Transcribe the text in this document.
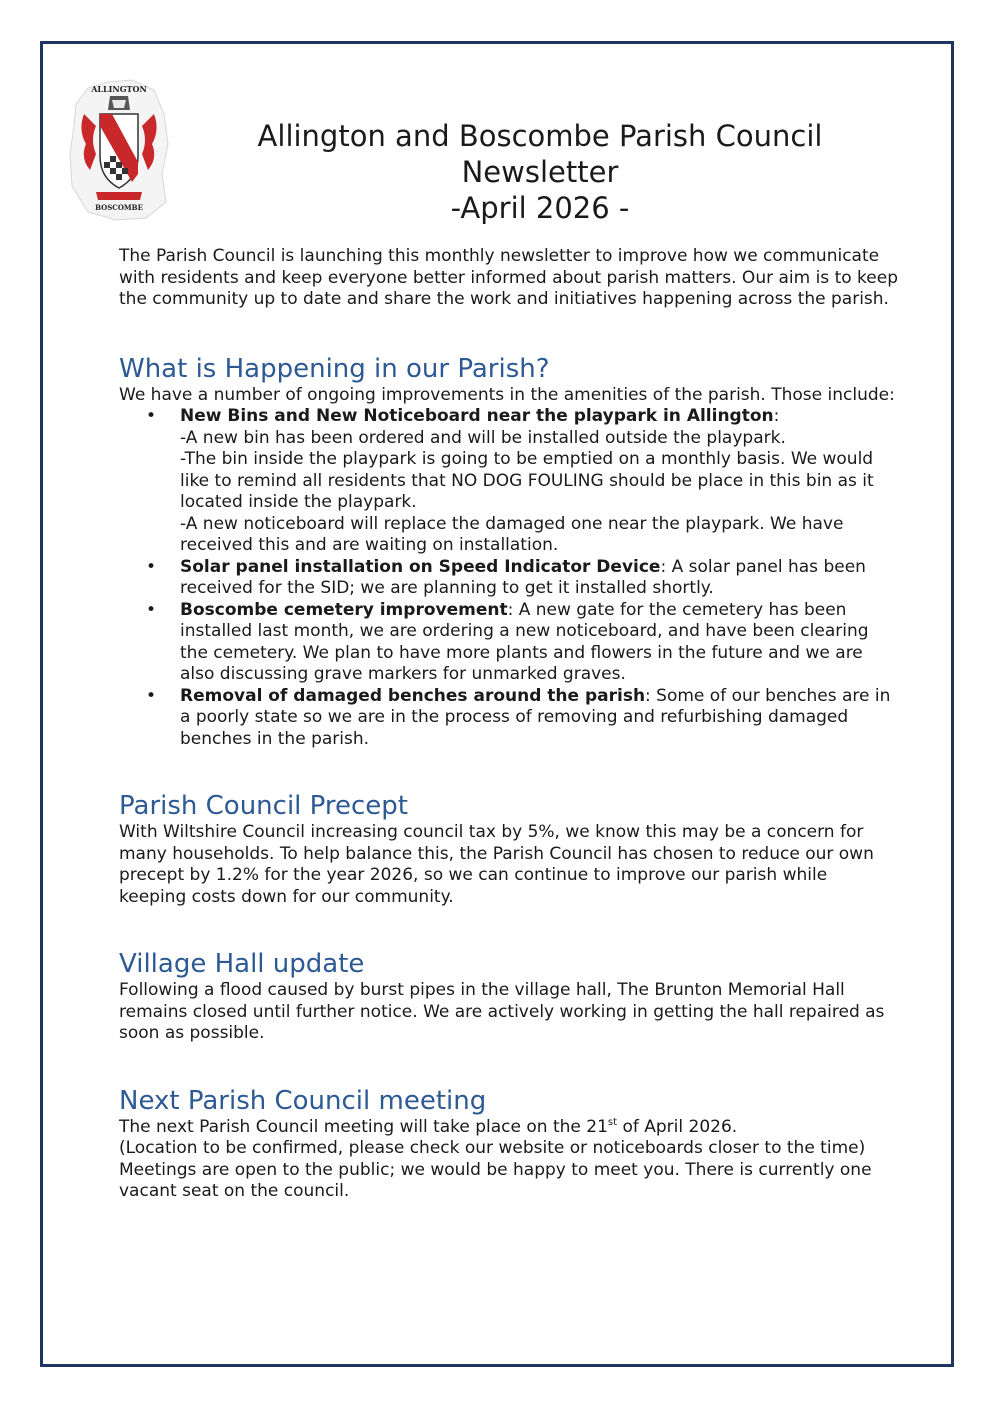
ALLINGTON
BOSCOMBE
Allington and Boscombe Parish Council
Newsletter
-April 2026 -

The Parish Council is launching this monthly newsletter to improve how we communicate with residents and keep everyone better informed about parish matters. Our aim is to keep the community up to date and share the work and initiatives happening across the parish.

What is Happening in our Parish?

We have a number of ongoing improvements in the amenities of the parish. Those include:

• New Bins and New Noticeboard near the playpark in Allington:
-A new bin has been ordered and will be installed outside the playpark.
-The bin inside the playpark is going to be emptied on a monthly basis. We would like to remind all residents that NO DOG FOULING should be place in this bin as it located inside the playpark.
-A new noticeboard will replace the damaged one near the playpark. We have received this and are waiting on installation.
• Solar panel installation on Speed Indicator Device: A solar panel has been received for the SID; we are planning to get it installed shortly.
• Boscombe cemetery improvement: A new gate for the cemetery has been installed last month, we are ordering a new noticeboard, and have been clearing the cemetery. We plan to have more plants and flowers in the future and we are also discussing grave markers for unmarked graves.
• Removal of damaged benches around the parish: Some of our benches are in a poorly state so we are in the process of removing and refurbishing damaged benches in the parish.
Parish Council Precept

With Wiltshire Council increasing council tax by 5%, we know this may be a concern for many households. To help balance this, the Parish Council has chosen to reduce our own precept by 1.2% for the year 2026, so we can continue to improve our parish while keeping costs down for our community.

Village Hall update

Following a flood caused by burst pipes in the village hall, The Brunton Memorial Hall remains closed until further notice. We are actively working in getting the hall repaired as soon as possible.

Next Parish Council meeting

The next Parish Council meeting will take place on the 21st of April 2026.

(Location to be confirmed, please check our website or noticeboards closer to the time)

Meetings are open to the public; we would be happy to meet you. There is currently one vacant seat on the council.
